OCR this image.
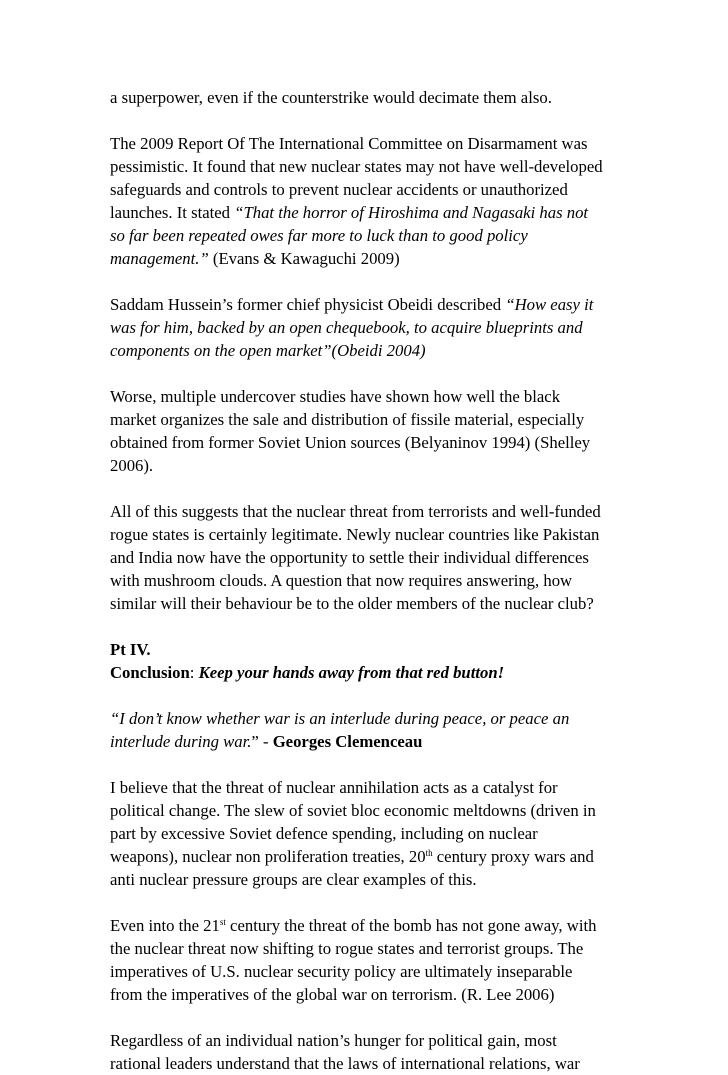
a superpower, even if the counterstrike would decimate them also.

The 2009 Report Of The International Committee on Disarmament was
pessimistic. It found that new nuclear states may not have well-developed
safeguards and controls to prevent nuclear accidents or unauthorized
launches. It stated “That the horror of Hiroshima and Nagasaki has not
so far been repeated owes far more to luck than to good policy
management.” (Evans & Kawaguchi 2009)

Saddam Hussein’s former chief physicist Obeidi described “How easy it
was for him, backed by an open chequebook, to acquire blueprints and
components on the open market”(Obeidi 2004)

Worse, multiple undercover studies have shown how well the black
market organizes the sale and distribution of fissile material, especially
obtained from former Soviet Union sources (Belyaninov 1994) (Shelley
2006).

All of this suggests that the nuclear threat from terrorists and well-funded
rogue states is certainly legitimate. Newly nuclear countries like Pakistan
and India now have the opportunity to settle their individual differences
with mushroom clouds. A question that now requires answering, how
similar will their behaviour be to the older members of the nuclear club?

Pt IV.
Conclusion: Keep your hands away from that red button!

“I don’t know whether war is an interlude during peace, or peace an
interlude during war.” - Georges Clemenceau

I believe that the threat of nuclear annihilation acts as a catalyst for
political change. The slew of soviet bloc economic meltdowns (driven in
part by excessive Soviet defence spending, including on nuclear
weapons), nuclear non proliferation treaties, 20th century proxy wars and
anti nuclear pressure groups are clear examples of this.

Even into the 21st century the threat of the bomb has not gone away, with
the nuclear threat now shifting to rogue states and terrorist groups. The
imperatives of U.S. nuclear security policy are ultimately inseparable
from the imperatives of the global war on terrorism. (R. Lee 2006)

Regardless of an individual nation’s hunger for political gain, most
rational leaders understand that the laws of international relations, war
